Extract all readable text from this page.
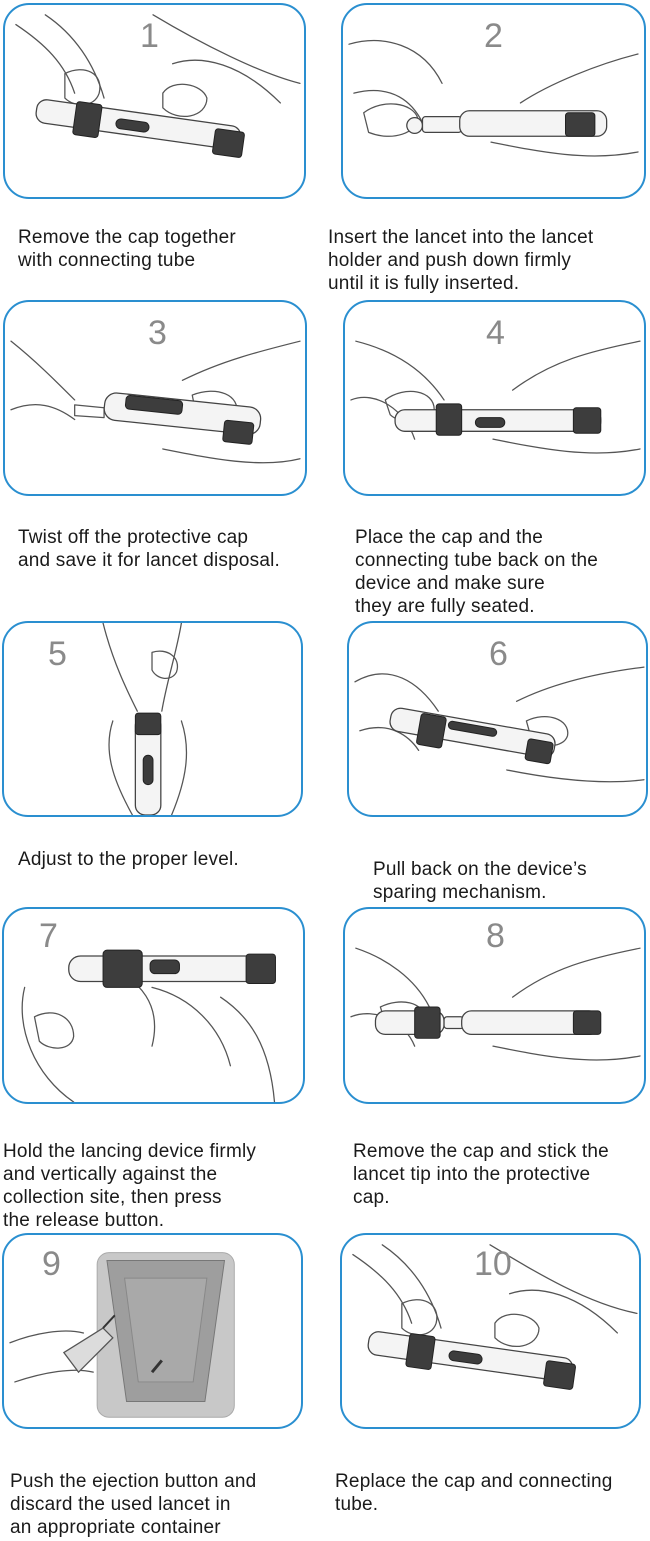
1
Remove the cap together
with connecting tube
2
Insert the lancet into the lancet
holder and push down firmly
until it is fully inserted.
3
Twist off the protective cap
and save it for lancet disposal.
4
Place the cap and the
connecting tube back on the
device and make sure
they are fully seated.
5
Adjust to the proper level.
6
Pull back on the device’s
sparing mechanism.
7
Hold the lancing device firmly
and vertically against the
collection site, then press
the release button.
8
Remove the cap and stick the
lancet tip into the protective
cap.
9
Push the ejection button and
discard the used lancet in
an appropriate container
10
Replace the cap and connecting
tube.
